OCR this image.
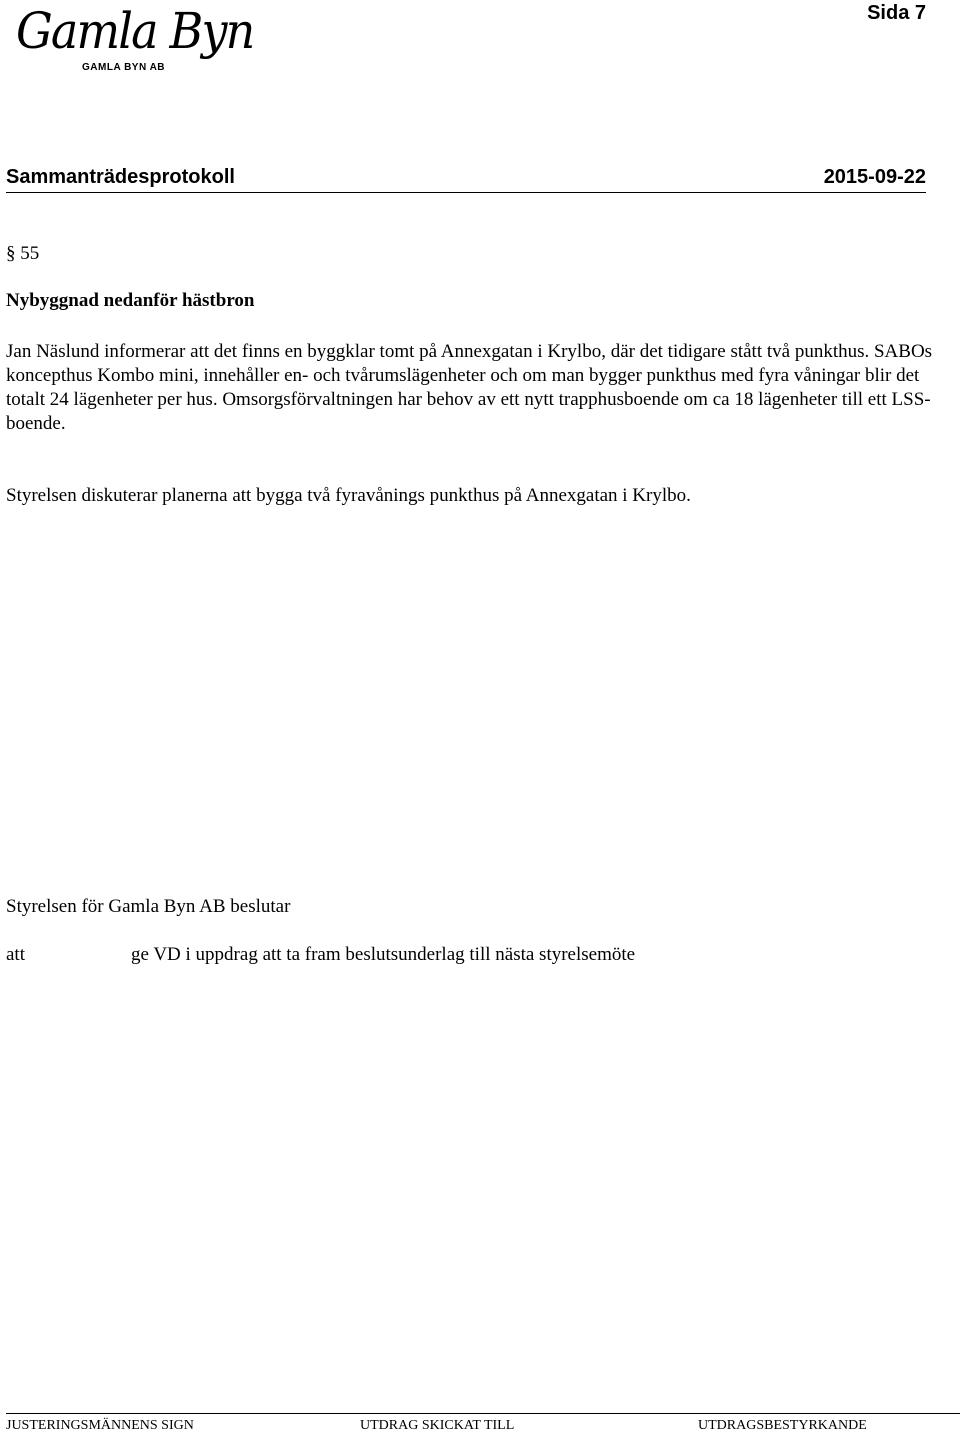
Gamla Byn
GAMLA BYN AB
Sida 7
Sammanträdesprotokoll	2015-09-22
§ 55
Nybyggnad nedanför hästbron
Jan Näslund informerar att det finns en byggklar tomt på Annexgatan i Krylbo, där det tidigare stått två punkthus. SABOs koncepthus Kombo mini, innehåller en- och tvårumslägenheter och om man bygger punkthus med fyra våningar blir det totalt 24 lägenheter per hus. Omsorgsförvaltningen har behov av ett nytt trapphusboende om ca 18 lägenheter till ett LSS-boende.
Styrelsen diskuterar planerna att bygga två fyravånings punkthus på Annexgatan i Krylbo.
Styrelsen för Gamla Byn AB beslutar
att	ge VD i uppdrag att ta fram beslutsunderlag till nästa styrelsemöte
JUSTERINGSMÄNNENS SIGN	UTDRAG SKICKAT TILL	UTDRAGSBESTYRKANDE
